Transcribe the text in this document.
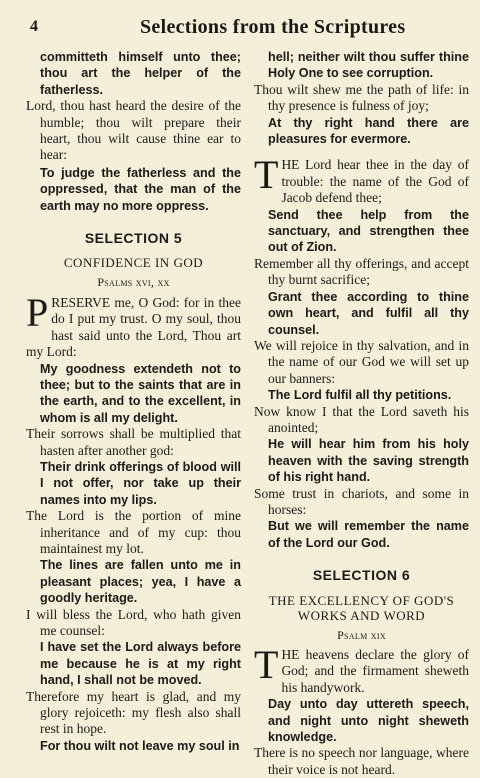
4	Selections from the Scriptures

committeth himself unto thee; thou art the helper of the fatherless.

Lord, thou hast heard the desire of the humble; thou wilt prepare their heart, thou wilt cause thine ear to hear:

To judge the fatherless and the oppressed, that the man of the earth may no more oppress.

SELECTION 5
CONFIDENCE IN GOD
Psalms xvi, xx

PRESERVE me, O God: for in thee do I put my trust. O my soul, thou hast said unto the Lord, Thou art my Lord:

My goodness extendeth not to thee; but to the saints that are in the earth, and to the excellent, in whom is all my delight.

Their sorrows shall be multiplied that hasten after another god:

Their drink offerings of blood will I not offer, nor take up their names into my lips.

The Lord is the portion of mine inheritance and of my cup: thou maintainest my lot.

The lines are fallen unto me in pleasant places; yea, I have a goodly heritage.

I will bless the Lord, who hath given me counsel:

I have set the Lord always before me because he is at my right hand, I shall not be moved.

Therefore my heart is glad, and my glory rejoiceth: my flesh also shall rest in hope.

For thou wilt not leave my soul in

hell; neither wilt thou suffer thine Holy One to see corruption.

Thou wilt shew me the path of life: in thy presence is fulness of joy;

At thy right hand there are pleasures for evermore.

THE Lord hear thee in the day of trouble: the name of the God of Jacob defend thee;

Send thee help from the sanctuary, and strengthen thee out of Zion.

Remember all thy offerings, and accept thy burnt sacrifice;

Grant thee according to thine own heart, and fulfil all thy counsel.

We will rejoice in thy salvation, and in the name of our God we will set up our banners:

The Lord fulfil all thy petitions.

Now know I that the Lord saveth his anointed;

He will hear him from his holy heaven with the saving strength of his right hand.

Some trust in chariots, and some in horses:

But we will remember the name of the Lord our God.

SELECTION 6
THE EXCELLENCY OF GOD'S WORKS AND WORD
Psalm xix

THE heavens declare the glory of God; and the firmament sheweth his handywork.

Day unto day uttereth speech, and night unto night sheweth knowledge.

There is no speech nor language, where their voice is not heard.
